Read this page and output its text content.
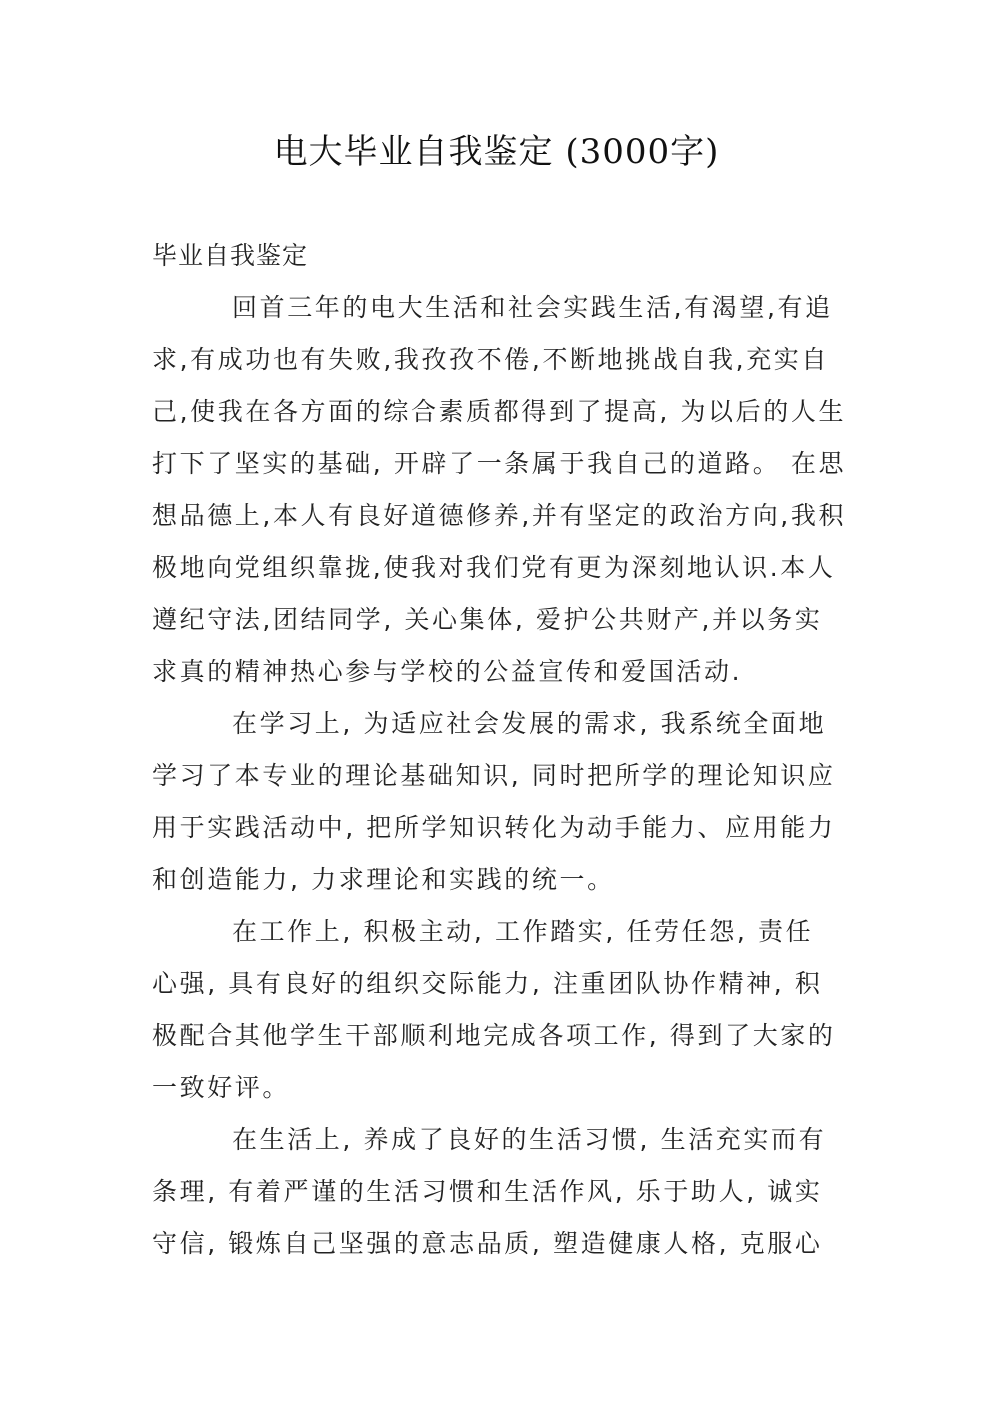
电大毕业自我鉴定 (3000字)
毕业自我鉴定
回首三年的电大生活和社会实践生活,有渴望,有追
求,有成功也有失败,我孜孜不倦,不断地挑战自我,充实自
己,使我在各方面的综合素质都得到了提高, 为以后的人生
打下了坚实的基础, 开辟了一条属于我自己的道路。 在思
想品德上,本人有良好道德修养,并有坚定的政治方向,我积
极地向党组织靠拢,使我对我们党有更为深刻地认识.本人
遵纪守法,团结同学, 关心集体, 爱护公共财产,并以务实
求真的精神热心参与学校的公益宣传和爱国活动.
在学习上, 为适应社会发展的需求, 我系统全面地
学习了本专业的理论基础知识, 同时把所学的理论知识应
用于实践活动中, 把所学知识转化为动手能力、应用能力
和创造能力, 力求理论和实践的统一。
在工作上, 积极主动, 工作踏实, 任劳任怨, 责任
心强, 具有良好的组织交际能力, 注重团队协作精神, 积
极配合其他学生干部顺利地完成各项工作, 得到了大家的
一致好评。
在生活上, 养成了良好的生活习惯, 生活充实而有
条理, 有着严谨的生活习惯和生活作风, 乐于助人, 诚实
守信, 锻炼自己坚强的意志品质, 塑造健康人格, 克服心
